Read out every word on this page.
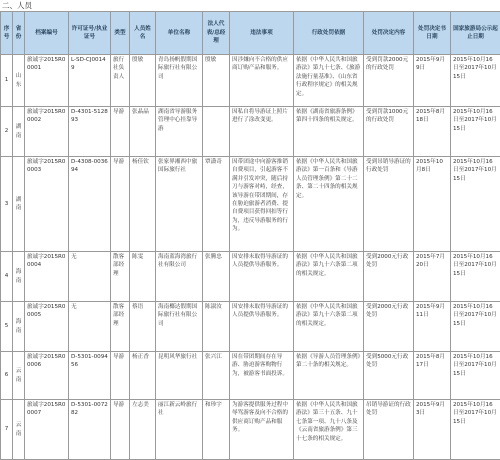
二、人员
序号	省份	档案编号	许可证号/执业证号	类型	人员姓名	单位名称	法人代表/总经理	违法事项	行政处罚依据	处罚决定内容	处罚决定书日期	国家旅游局公示起止日期
1	山东	旅诚字2015R00001	L-SD-CJ00149	旅行社负责人	殷敏	青岛扬帆假期国际旅行社有限公司	殷敏	因涉嫌向不合格的供应商订购产品和服务。	依据《中华人民共和国旅游法》第九十七条、《旅游法施行量基准》、《山东省行政程序规定》的相关规定。	受到罚款2000元的行政处罚	2015年9月9日	2015年10月16日至2017年10月15日
2	湖南	旅诚字2015R00002	D-4301-512893	导游	张晶晶	湖南省导游服务管理中心挂靠导游		因私自将导游证上照片进行了涂改变更。	依据《湖南省旅游条例》第四十四条的相关规定。	受到罚款1000元的行政处罚	2015年8月18日	2015年10月16日至2017年10月15日
3	湖南	旅诚字2015R00003	D-4308-003694	导游	杨佳钦	张家界湘西中旅国际旅行社	覃潇奇	因带团途中向游客推销自费项目，引起游客不满并引发冲突，随后持刀与游客对峙，经查，该导游在带团期间，存在胁迫旅游者消费、提自费项目获得回扣等行为，违反导游服务的行为。	依据《中华人民共和国旅游法》第一百条和《导游人员管理条例》第二十二条、第二十四条的相关规定。	受到吊销导游证的行政处罚	2015年10月8日	2015年10月16日至2017年10月15日
4	海南	旅诚字2015R00004	无	散客部经理	陈雯	海南蓝海湾旅行社有限公司	张腾忠	因安排未取得导游证的人员提供导游服务。	依据《中华人民共和国旅游法》第九十六条第二项的相关规定。	受到2000元行政处罚	2015年7月20日	2015年10月16日至2017年10月15日
5	海南	旅诚字2015R00005	无	散客部经理	蔡语	海南椰达假期国际旅行社有限公司	陈淑汝	因安排未取得导游证的人员提供导游服务。	依据《中华人民共和国旅游法》第九十六条第二项的相关规定。	受到2000元行政处罚	2015年9月11日	2015年10月16日至2017年10月15日
6	云南	旅诚字2015R00006	D-5301-009456	导游	杨正香	昆明风华旅行社	张兴江	因在带团期间存在导游、胁迫游客购物行为，被游客书面投诉。	依据《导游人员管理条例》第二十条的相关规定。	受到5000元行政处罚	2015年8月17日	2015年10月16日至2017年10月15日
7	云南	旅诚字2015R00007	D-5301-007282	导游	左志美	丽江新云岭旅行社	和珍宇	为游客提供服务过程中辱骂游客及向不合格的供应商订购产品和服务。	依据《中华人民共和国旅游法》第三十五条、九十七条第一项、九十八条及《云南省旅游条例》第三十七条的相关规定。	吊销导游证的行政处罚	2015年9月3日	2015年10月16日至2017年10月15日
